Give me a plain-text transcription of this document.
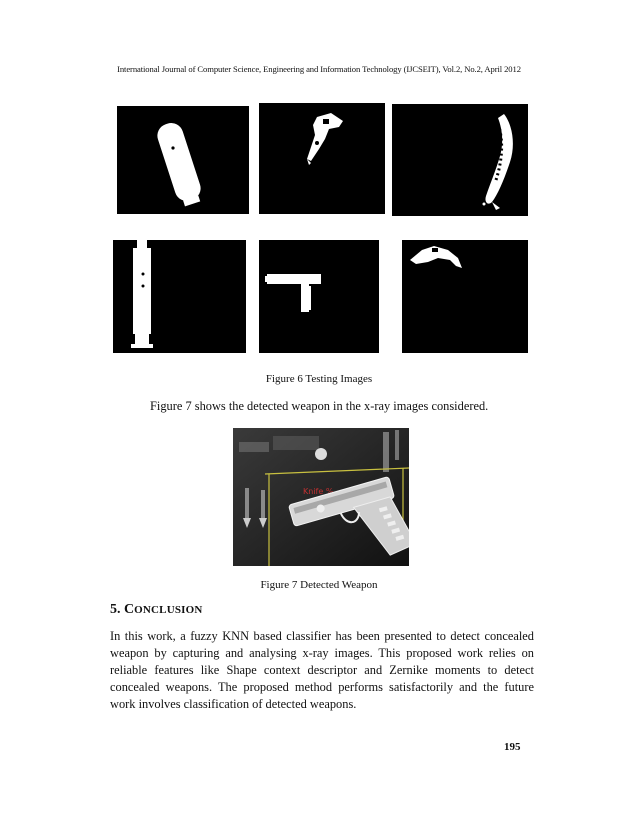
International Journal of Computer Science, Engineering and Information Technology (IJCSEIT), Vol.2, No.2, April 2012
Figure 6 Testing Images
Figure 7 shows the detected weapon in the x-ray images considered.
Knife %
Figure 7 Detected Weapon
5. CONCLUSION
In this work, a fuzzy KNN based classifier has been presented to detect concealed weapon by capturing and analysing x-ray images. This proposed work relies on reliable features like Shape context descriptor and Zernike moments to detect concealed weapons. The proposed method performs satisfactorily and the future work involves classification of detected weapons.
195
